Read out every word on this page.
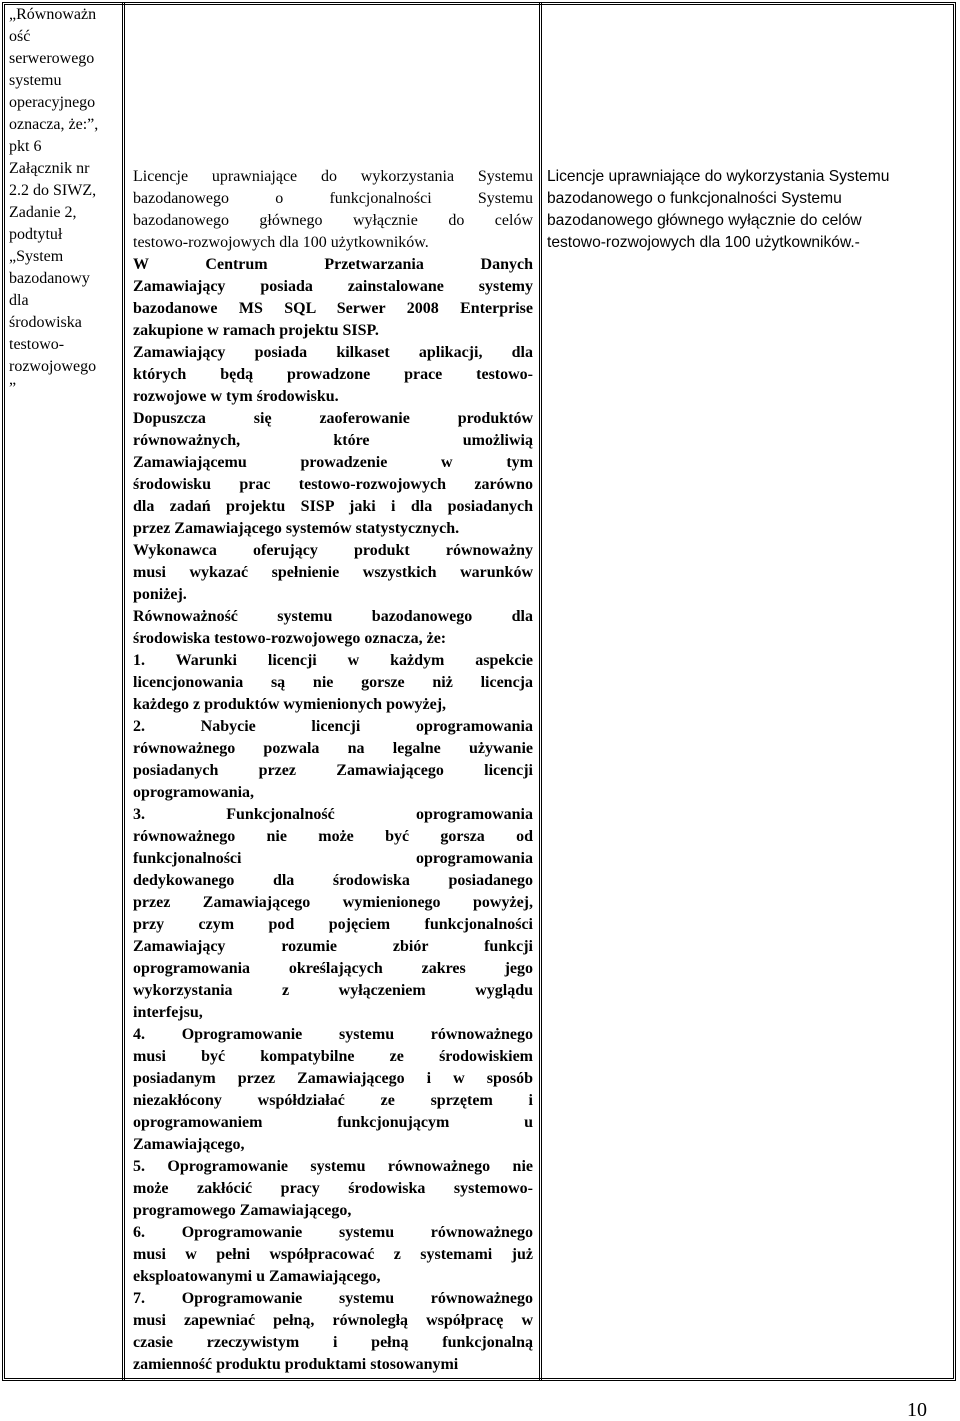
„Równoważn
ość
serwerowego
systemu
operacyjnego
oznacza, że:”,
pkt 6
Załącznik nr
2.2 do SIWZ,
Zadanie 2,
podtytuł
„System
bazodanowy
dla
środowiska
testowo-
rozwojowego
”

Licencje uprawniające do wykorzystania Systemu

bazodanowego o funkcjonalności Systemu

bazodanowego głównego wyłącznie do celów

testowo-rozwojowych dla 100 użytkowników.

W Centrum Przetwarzania Danych

Zamawiający posiada zainstalowane systemy

bazodanowe MS SQL Serwer 2008 Enterprise

zakupione w ramach projektu SISP.

Zamawiający posiada kilkaset aplikacji, dla

których będą prowadzone prace testowo-

rozwojowe w tym środowisku.

Dopuszcza się zaoferowanie produktów

równoważnych, które umożliwią

Zamawiającemu prowadzenie w tym

środowisku prac testowo-rozwojowych zarówno

dla zadań projektu SISP jaki i dla posiadanych

przez Zamawiającego systemów statystycznych.

Wykonawca oferujący produkt równoważny

musi wykazać spełnienie wszystkich warunków

poniżej.

Równoważność systemu bazodanowego dla

środowiska testowo-rozwojowego oznacza, że:

1. Warunki licencji w każdym aspekcie

licencjonowania są nie gorsze niż licencja

każdego z produktów wymienionych powyżej,

2. Nabycie licencji oprogramowania

równoważnego pozwala na legalne używanie

posiadanych przez Zamawiającego licencji

oprogramowania,

3. Funkcjonalność oprogramowania

równoważnego nie może być gorsza od

funkcjonalności oprogramowania

dedykowanego dla środowiska posiadanego

przez Zamawiającego wymienionego powyżej,

przy czym pod pojęciem funkcjonalności

Zamawiający rozumie zbiór funkcji

oprogramowania określających zakres jego

wykorzystania z wyłączeniem wyglądu

interfejsu,

4. Oprogramowanie systemu równoważnego

musi być kompatybilne ze środowiskiem

posiadanym przez Zamawiającego i w sposób

niezakłócony współdziałać ze sprzętem i

oprogramowaniem funkcjonującym u

Zamawiającego,

5. Oprogramowanie systemu równoważnego nie

może zakłócić pracy środowiska systemowo-

programowego Zamawiającego,

6. Oprogramowanie systemu równoważnego

musi w pełni współpracować z systemami już

eksploatowanymi u Zamawiającego,

7. Oprogramowanie systemu równoważnego

musi zapewniać pełną, równoległą współpracę w

czasie rzeczywistym i pełną funkcjonalną

zamienność produktu produktami stosowanymi

Licencje uprawniające do wykorzystania Systemu
bazodanowego o funkcjonalności Systemu
bazodanowego głównego wyłącznie do celów
testowo-rozwojowych dla 100 użytkowników.-
10
